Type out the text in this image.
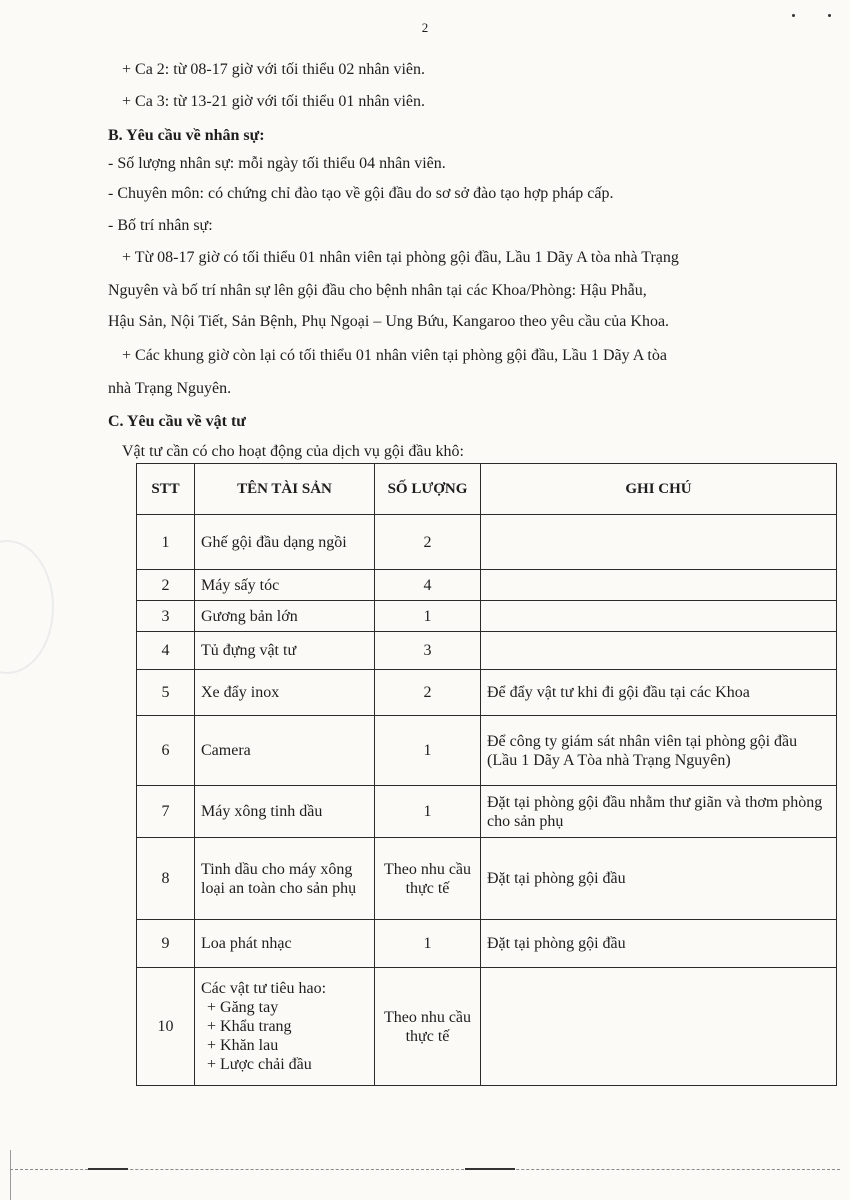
2
+ Ca 2: từ 08-17 giờ với tối thiểu 02 nhân viên.
+ Ca 3: từ 13-21 giờ với tối thiểu 01 nhân viên.
B. Yêu cầu về nhân sự:
- Số lượng nhân sự: mỗi ngày tối thiểu 04 nhân viên.
- Chuyên môn: có chứng chỉ đào tạo về gội đầu do sơ sở đào tạo hợp pháp cấp.
- Bố trí nhân sự:
+ Từ 08-17 giờ có tối thiểu 01 nhân viên tại phòng gội đầu, Lầu 1 Dãy A tòa nhà Trạng
Nguyên và bố trí nhân sự lên gội đầu cho bệnh nhân tại các Khoa/Phòng: Hậu Phẫu,
Hậu Sản, Nội Tiết, Sản Bệnh, Phụ Ngoại – Ung Bứu, Kangaroo theo yêu cầu của Khoa.
+ Các khung giờ còn lại có tối thiểu 01 nhân viên tại phòng gội đầu, Lầu 1 Dãy A tòa
nhà Trạng Nguyên.
C. Yêu cầu về vật tư
Vật tư cần có cho hoạt động của dịch vụ gội đầu khô:
STT	TÊN TÀI SẢN	SỐ LƯỢNG	GHI CHÚ
1	Ghế gội đầu dạng ngồi	2	
2	Máy sấy tóc	4	
3	Gương bản lớn	1	
4	Tủ đựng vật tư	3	
5	Xe đẩy inox	2	Để đẩy vật tư khi đi gội đầu tại các Khoa
6	Camera	1	Để công ty giám sát nhân viên tại phòng gội đầu (Lầu 1 Dãy A Tòa nhà Trạng Nguyên)
7	Máy xông tinh dầu	1	Đặt tại phòng gội đầu nhằm thư giãn và thơm phòng cho sản phụ
8	Tinh dầu cho máy xông loại an toàn cho sản phụ	Theo nhu cầu thực tế	Đặt tại phòng gội đầu
9	Loa phát nhạc	1	Đặt tại phòng gội đầu
10	Các vật tư tiêu hao:
+ Găng tay
+ Khẩu trang
+ Khăn lau
+ Lược chải đầu	Theo nhu cầu thực tế	
